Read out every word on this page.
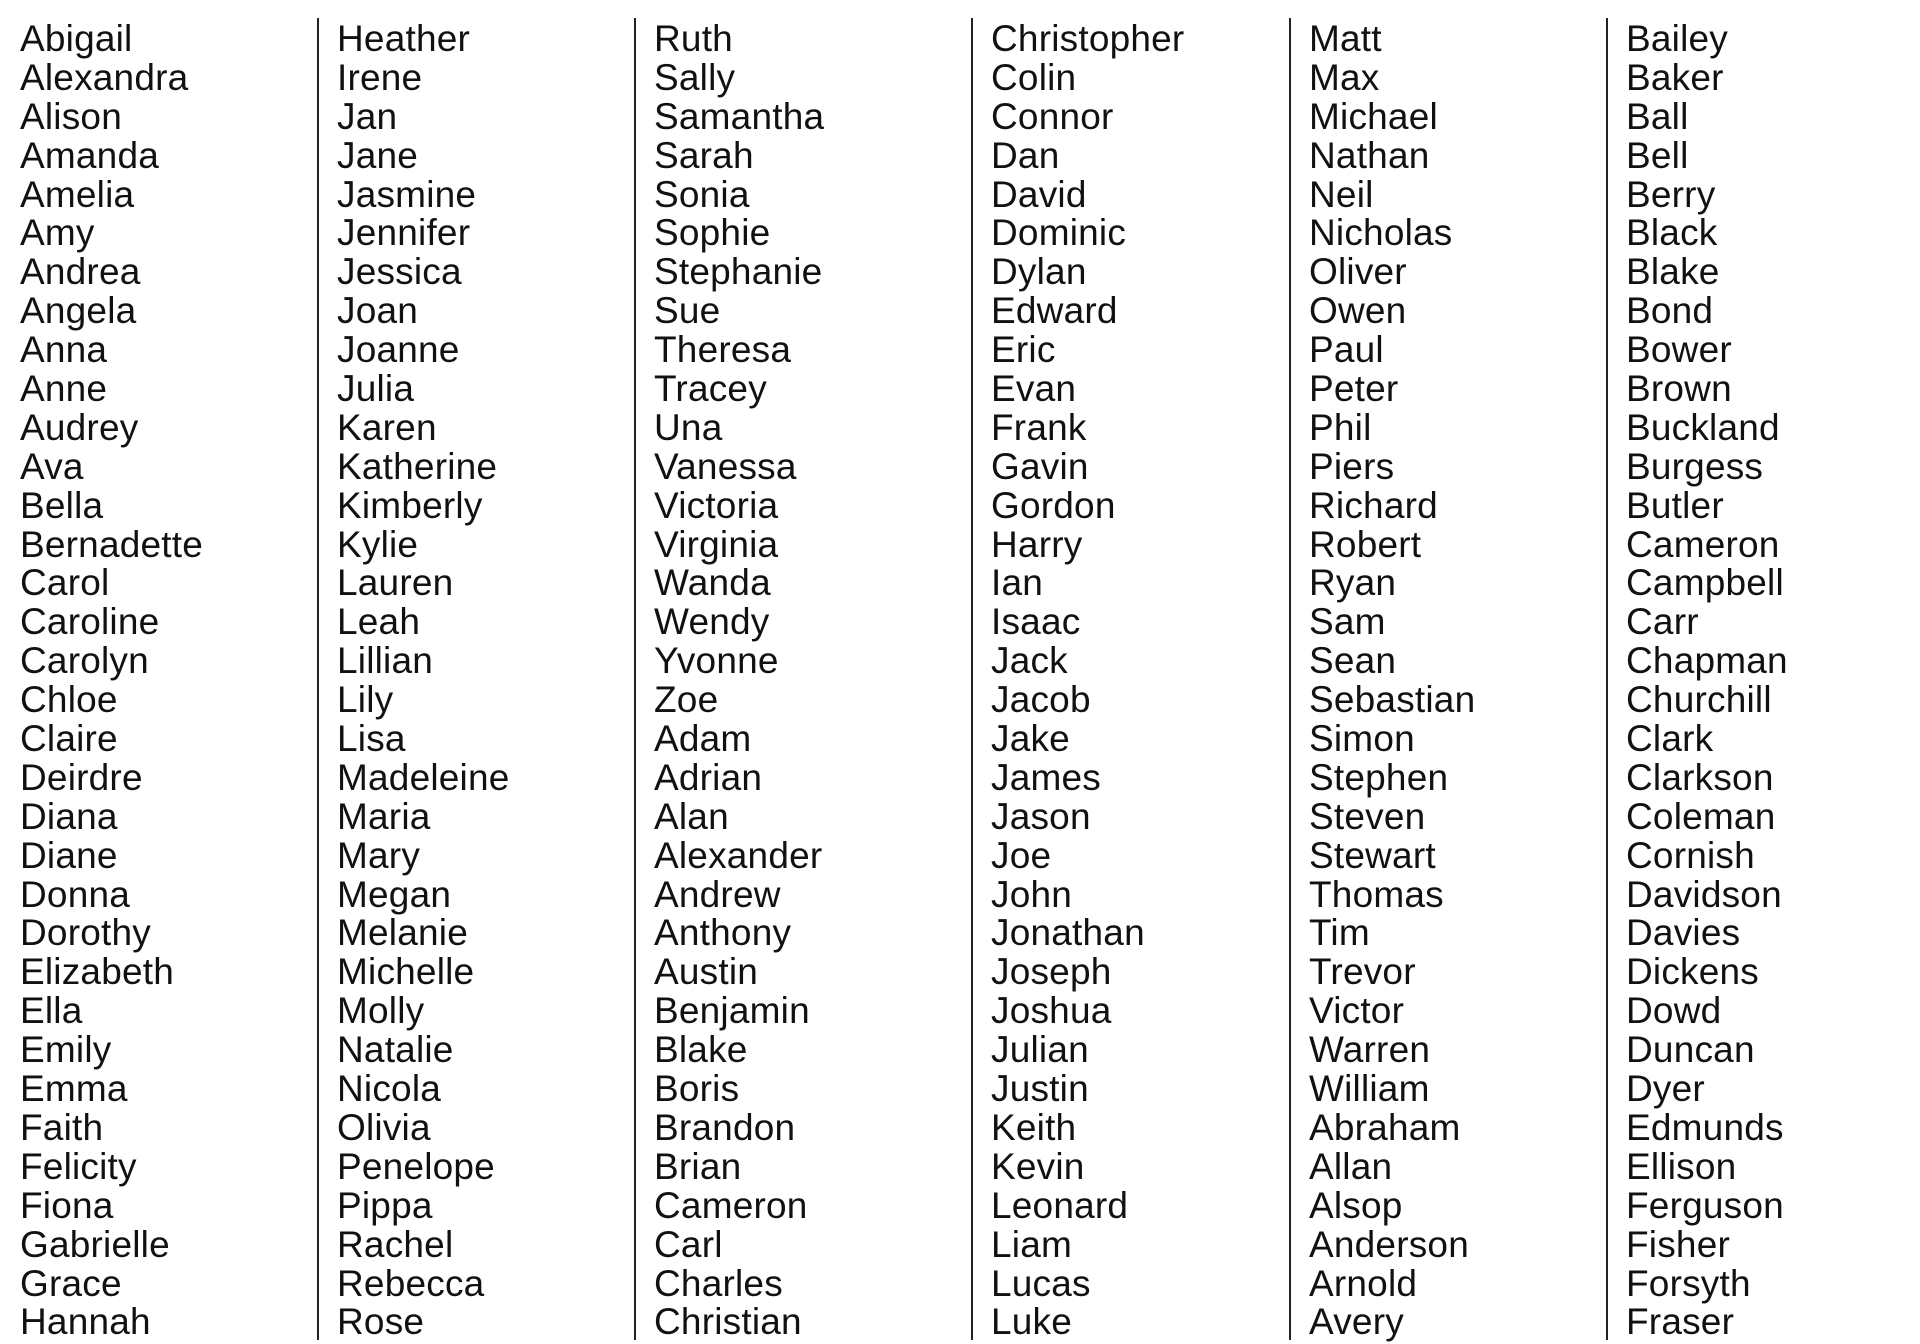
Abigail
Alexandra
Alison
Amanda
Amelia
Amy
Andrea
Angela
Anna
Anne
Audrey
Ava
Bella
Bernadette
Carol
Caroline
Carolyn
Chloe
Claire
Deirdre
Diana
Diane
Donna
Dorothy
Elizabeth
Ella
Emily
Emma
Faith
Felicity
Fiona
Gabrielle
Grace
Hannah
Heather
Irene
Jan
Jane
Jasmine
Jennifer
Jessica
Joan
Joanne
Julia
Karen
Katherine
Kimberly
Kylie
Lauren
Leah
Lillian
Lily
Lisa
Madeleine
Maria
Mary
Megan
Melanie
Michelle
Molly
Natalie
Nicola
Olivia
Penelope
Pippa
Rachel
Rebecca
Rose
Ruth
Sally
Samantha
Sarah
Sonia
Sophie
Stephanie
Sue
Theresa
Tracey
Una
Vanessa
Victoria
Virginia
Wanda
Wendy
Yvonne
Zoe
Adam
Adrian
Alan
Alexander
Andrew
Anthony
Austin
Benjamin
Blake
Boris
Brandon
Brian
Cameron
Carl
Charles
Christian
Christopher
Colin
Connor
Dan
David
Dominic
Dylan
Edward
Eric
Evan
Frank
Gavin
Gordon
Harry
Ian
Isaac
Jack
Jacob
Jake
James
Jason
Joe
John
Jonathan
Joseph
Joshua
Julian
Justin
Keith
Kevin
Leonard
Liam
Lucas
Luke
Matt
Max
Michael
Nathan
Neil
Nicholas
Oliver
Owen
Paul
Peter
Phil
Piers
Richard
Robert
Ryan
Sam
Sean
Sebastian
Simon
Stephen
Steven
Stewart
Thomas
Tim
Trevor
Victor
Warren
William
Abraham
Allan
Alsop
Anderson
Arnold
Avery
Bailey
Baker
Ball
Bell
Berry
Black
Blake
Bond
Bower
Brown
Buckland
Burgess
Butler
Cameron
Campbell
Carr
Chapman
Churchill
Clark
Clarkson
Coleman
Cornish
Davidson
Davies
Dickens
Dowd
Duncan
Dyer
Edmunds
Ellison
Ferguson
Fisher
Forsyth
Fraser
